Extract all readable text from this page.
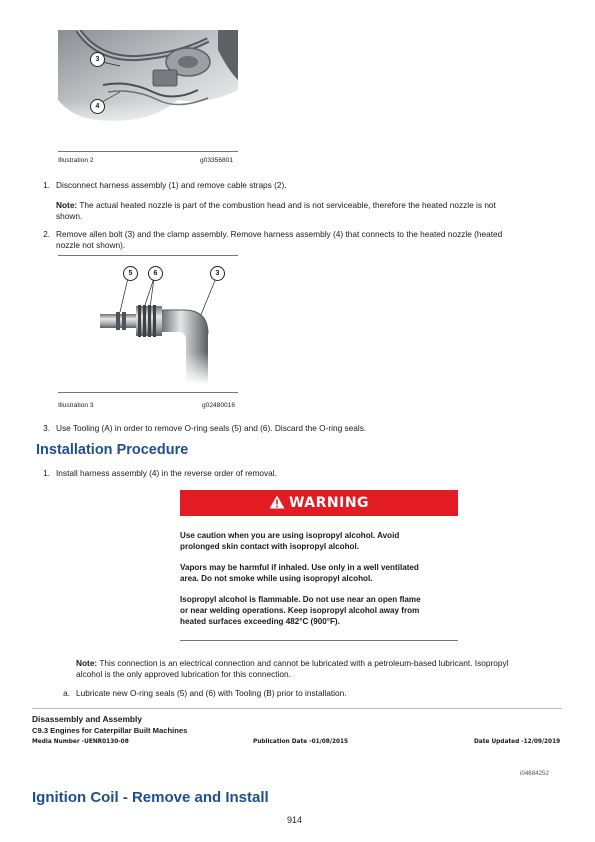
3
4
Illustration 2	g03356801
1. Disconnect harness assembly (1) and remove cable straps (2).
Note: The actual heated nozzle is part of the combustion head and is not serviceable, therefore the heated nozzle is not
shown.
2. Remove allen bolt (3) and the clamp assembly. Remove harness assembly (4) that connects to the heated nozzle (heated
nozzle not shown).
5	6	3
Illustration 3	g02480016
3. Use Tooling (A) in order to remove O-ring seals (5) and (6). Discard the O-ring seals.
Installation Procedure
1. Install harness assembly (4) in the reverse order of removal.
WARNING
Use caution when you are using isopropyl alcohol. Avoid
prolonged skin contact with isopropyl alcohol.
Vapors may be harmful if inhaled. Use only in a well ventilated
area. Do not smoke while using isopropyl alcohol.
Isopropyl alcohol is flammable. Do not use near an open flame
or near welding operations. Keep isopropyl alcohol away from
heated surfaces exceeding 482°C (900°F).
Note: This connection is an electrical connection and cannot be lubricated with a petroleum-based lubricant. Isopropyl
alcohol is the only approved lubrication for this connection.
a. Lubricate new O-ring seals (5) and (6) with Tooling (B) prior to installation.
Disassembly and Assembly
C9.3 Engines for Caterpillar Built Machines
Media Number -UENR0130-08	Publication Date -01/08/2015	Date Updated -12/09/2019
i04684252
Ignition Coil - Remove and Install
914
